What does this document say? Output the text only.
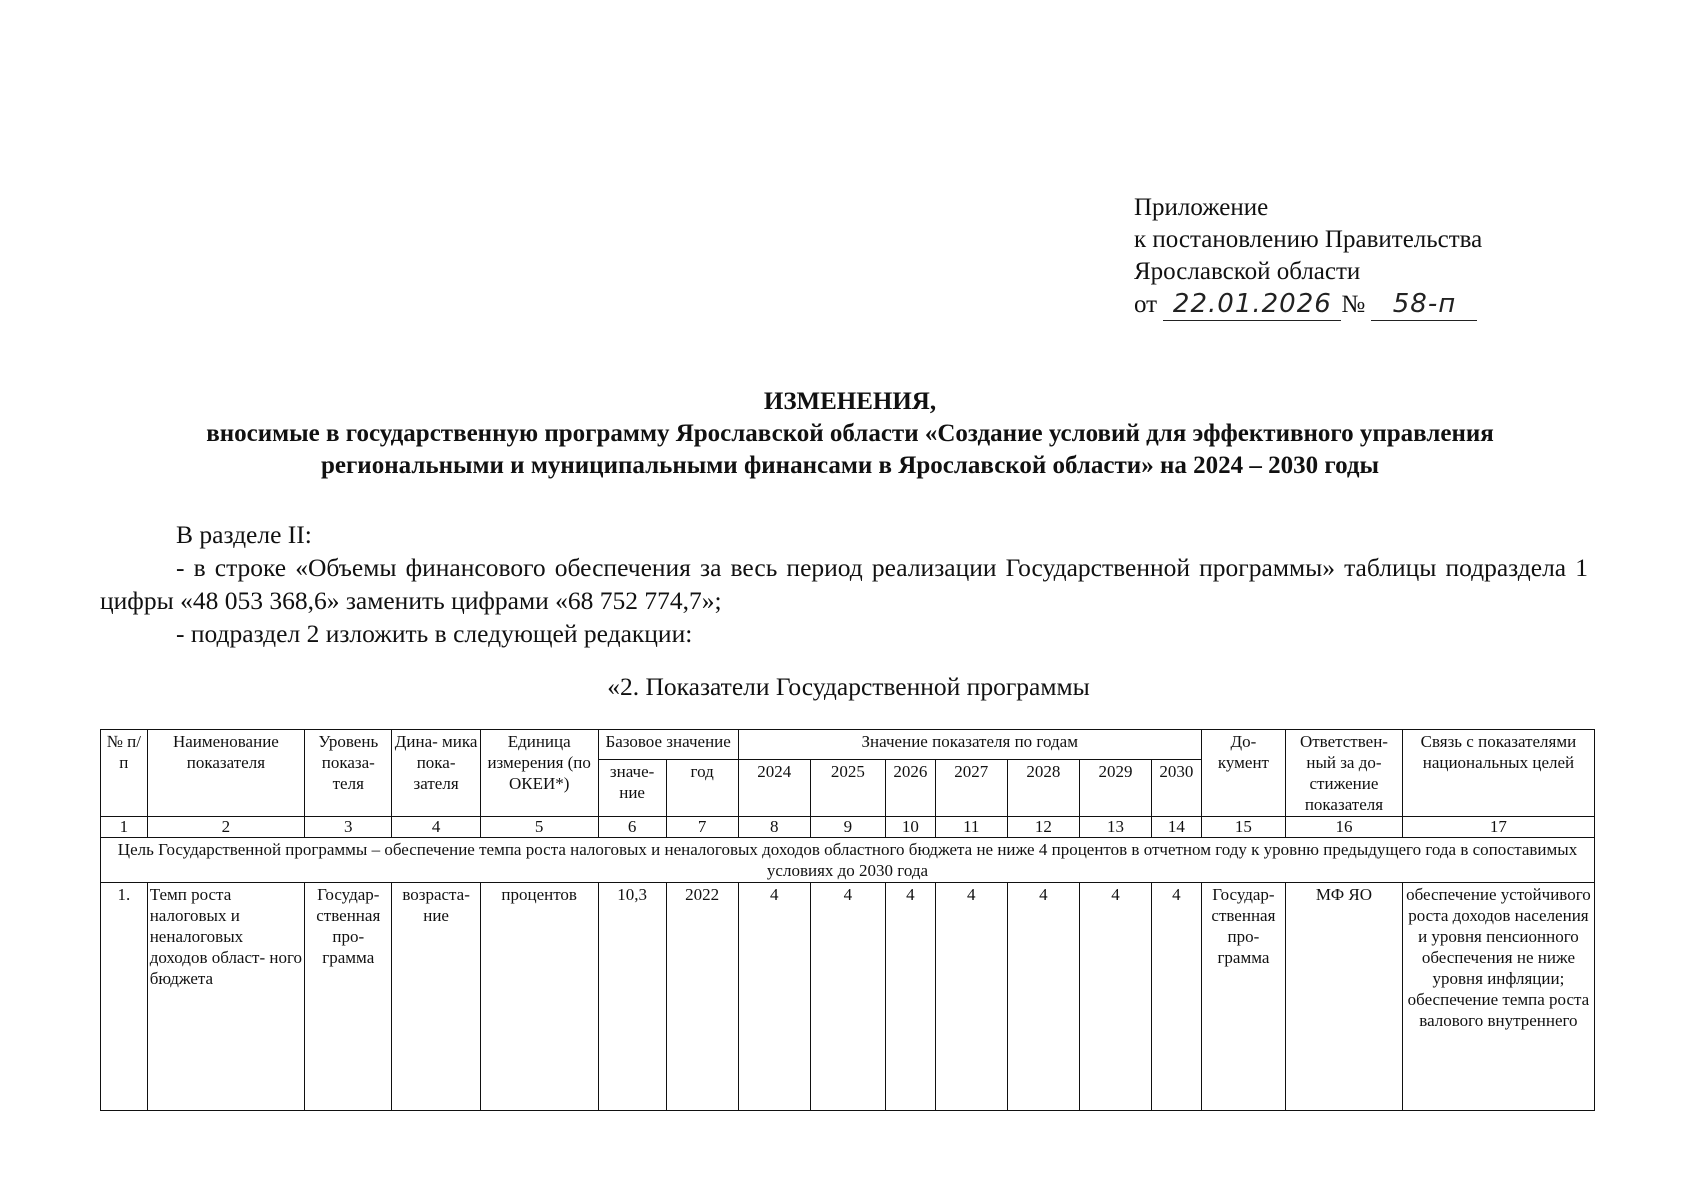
Приложение
к постановлению Правительства
Ярославской области
от 22.01.2026 № 58-п
ИЗМЕНЕНИЯ,
вносимые в государственную программу Ярославской области «Создание условий для эффективного управления
региональными и муниципальными финансами в Ярославской области» на 2024 – 2030 годы

В разделе II:

- в строке «Объемы финансового обеспечения за весь период реализации Государственной программы» таблицы подраздела 1 цифры «48 053 368,6» заменить цифрами «68 752 774,7»;

- подраздел 2 изложить в следующей редакции:

«2. Показатели Государственной программы
№ п/п	Наименование показателя	Уровень показа- теля	Дина- мика пока- зателя	Единица измерения (по ОКЕИ*)	Базовое значение		Значение показателя по годам							До- кумент	Ответствен- ный за до- стижение показателя	Связь с показателями национальных целей
					значе- ние	год	2024	2025	2026	2027	2028	2029	2030			
1	2	3	4	5	6	7	8	9	10	11	12	13	14	15	16	17
Цель Государственной программы – обеспечение темпа роста налоговых и неналоговых доходов областного бюджета не ниже 4 процентов в отчетном году к уровню предыдущего года в сопоставимых условиях до 2030 года																
1.	Темп роста налоговых и неналоговых доходов област- ного бюджета	Государ- ственная про- грамма	возраста- ние	процентов	10,3	2022	4	4	4	4	4	4	4	Государ- ственная про- грамма	МФ ЯО	обеспечение устойчивого роста доходов населения и уровня пенсионного обеспечения не ниже уровня инфляции; обеспечение темпа роста валового внутреннего
